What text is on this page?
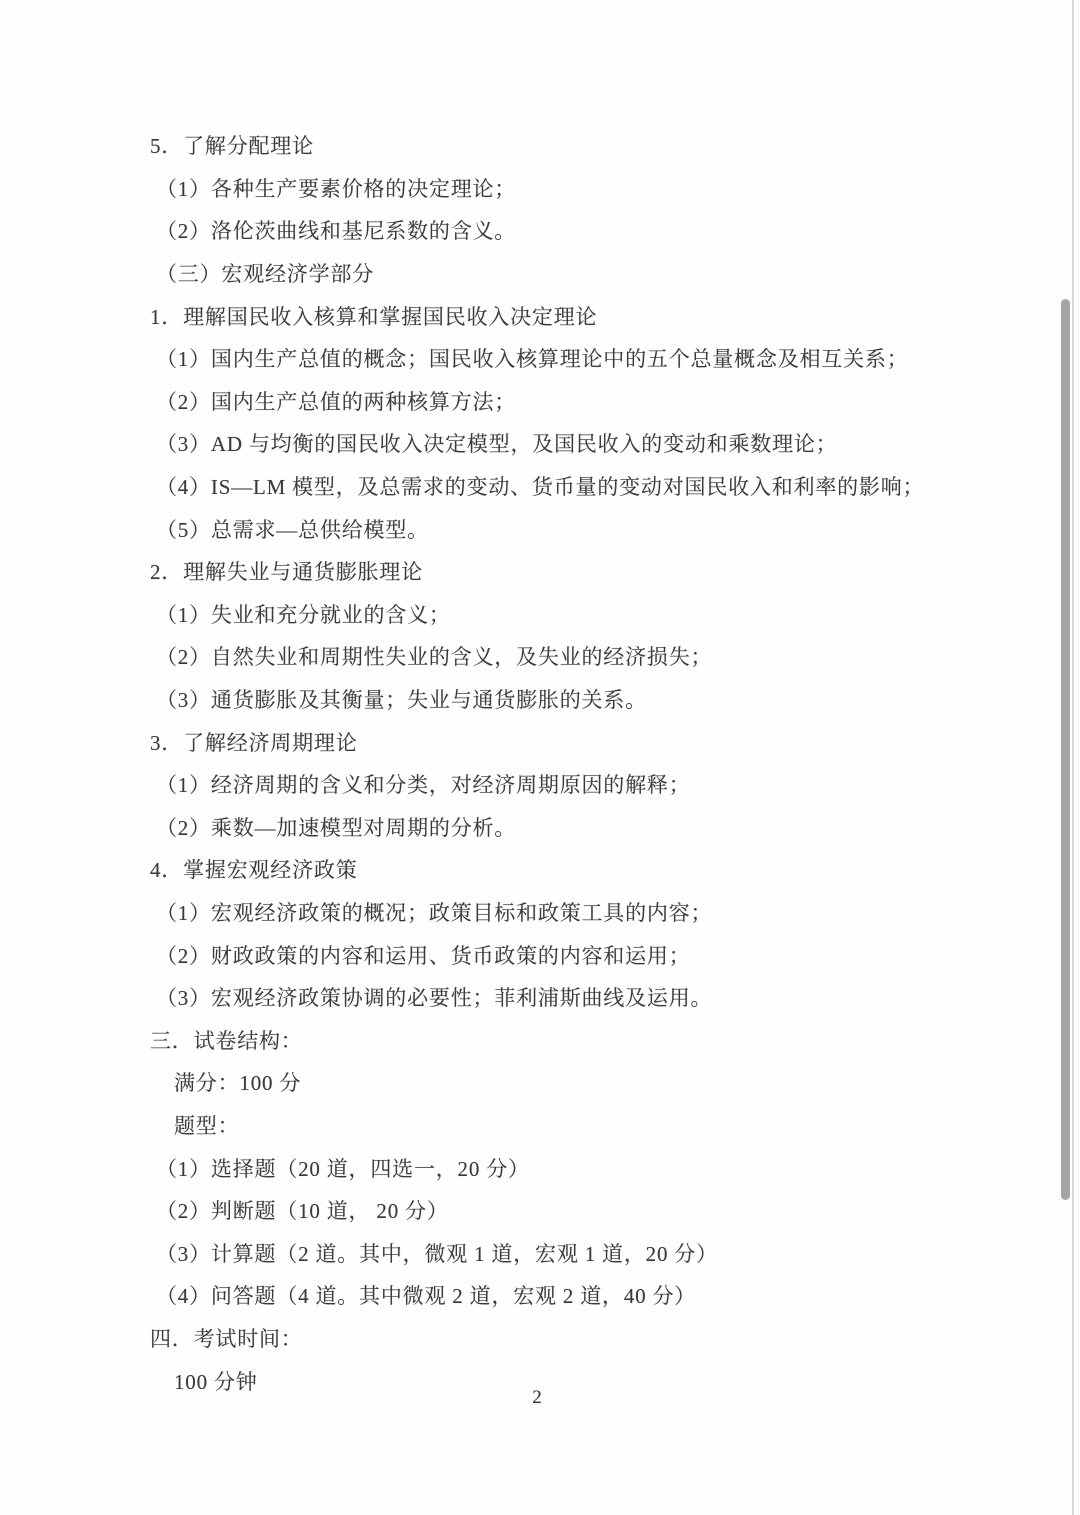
5．了解分配理论
（1）各种生产要素价格的决定理论；
（2）洛伦茨曲线和基尼系数的含义。
（三）宏观经济学部分
1．理解国民收入核算和掌握国民收入决定理论
（1）国内生产总值的概念；国民收入核算理论中的五个总量概念及相互关系；
（2）国内生产总值的两种核算方法；
（3）AD 与均衡的国民收入决定模型，及国民收入的变动和乘数理论；
（4）IS—LM 模型，及总需求的变动、货币量的变动对国民收入和利率的影响；
（5）总需求—总供给模型。
2．理解失业与通货膨胀理论
（1）失业和充分就业的含义；
（2）自然失业和周期性失业的含义，及失业的经济损失；
（3）通货膨胀及其衡量；失业与通货膨胀的关系。
3．了解经济周期理论
（1）经济周期的含义和分类，对经济周期原因的解释；
（2）乘数—加速模型对周期的分析。
4．掌握宏观经济政策
（1）宏观经济政策的概况；政策目标和政策工具的内容；
（2）财政政策的内容和运用、货币政策的内容和运用；
（3）宏观经济政策协调的必要性；菲利浦斯曲线及运用。
三．试卷结构：
满分：100 分
题型：
（1）选择题（20 道，四选一，20 分）
（2）判断题（10 道， 20 分）
（3）计算题（2 道。其中，微观 1 道，宏观 1 道，20 分）
（4）问答题（4 道。其中微观 2 道，宏观 2 道，40 分）
四．考试时间：
100 分钟
2
